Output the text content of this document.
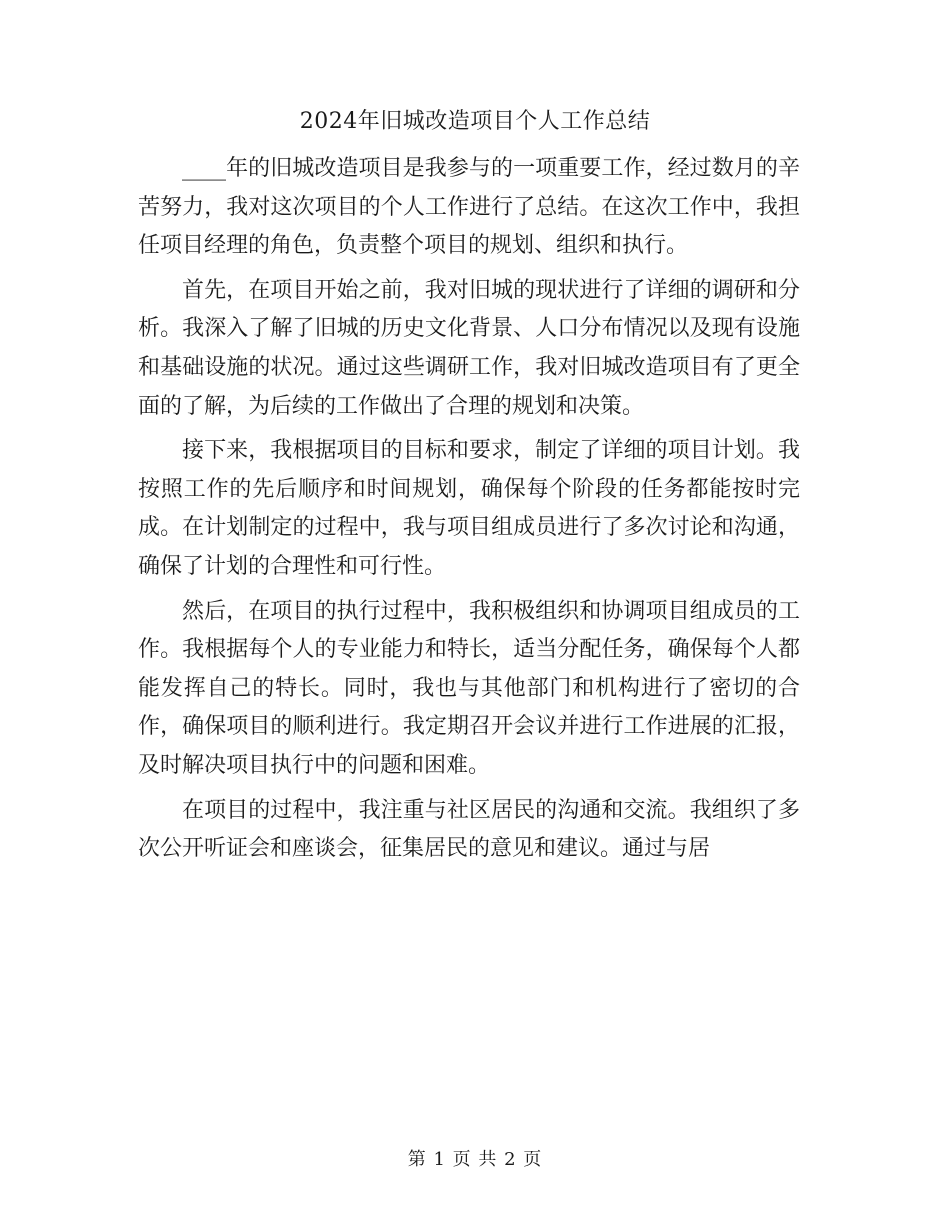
2024年旧城改造项目个人工作总结

____年的旧城改造项目是我参与的一项重要工作，经过数月的辛苦努力，我对这次项目的个人工作进行了总结。在这次工作中，我担任项目经理的角色，负责整个项目的规划、组织和执行。

首先，在项目开始之前，我对旧城的现状进行了详细的调研和分析。我深入了解了旧城的历史文化背景、人口分布情况以及现有设施和基础设施的状况。通过这些调研工作，我对旧城改造项目有了更全面的了解，为后续的工作做出了合理的规划和决策。

接下来，我根据项目的目标和要求，制定了详细的项目计划。我按照工作的先后顺序和时间规划，确保每个阶段的任务都能按时完成。在计划制定的过程中，我与项目组成员进行了多次讨论和沟通，确保了计划的合理性和可行性。

然后，在项目的执行过程中，我积极组织和协调项目组成员的工作。我根据每个人的专业能力和特长，适当分配任务，确保每个人都能发挥自己的特长。同时，我也与其他部门和机构进行了密切的合作，确保项目的顺利进行。我定期召开会议并进行工作进展的汇报，及时解决项目执行中的问题和困难。

在项目的过程中，我注重与社区居民的沟通和交流。我组织了多次公开听证会和座谈会，征集居民的意见和建议。通过与居

第 1 页 共 2 页
